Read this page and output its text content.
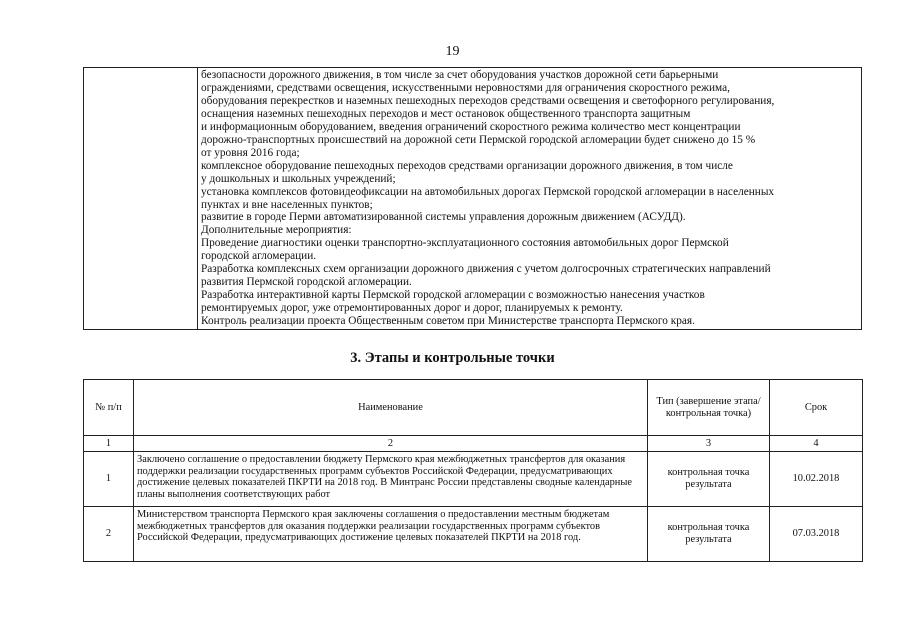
19

безопасности дорожного движения, в том числе за счет оборудования участков дорожной сети барьерными
ограждениями, средствами освещения, искусственными неровностями для ограничения скоростного режима,
оборудования перекрестков и наземных пешеходных переходов средствами освещения и светофорного регулирования,
оснащения наземных пешеходных переходов и мест остановок общественного транспорта защитным
и информационным оборудованием, введения ограничений скоростного режима количество мест концентрации
дорожно-транспортных происшествий на дорожной сети Пермской городской агломерации будет снижено до 15 %
от уровня 2016 года;
комплексное оборудование пешеходных переходов средствами организации дорожного движения, в том числе
у дошкольных и школьных учреждений;
установка комплексов фотовидеофиксации на автомобильных дорогах Пермской городской агломерации в населенных
пунктах и вне населенных пунктов;
развитие в городе Перми автоматизированной системы управления дорожным движением (АСУДД).
Дополнительные мероприятия:
Проведение диагностики оценки транспортно-эксплуатационного состояния автомобильных дорог Пермской
городской агломерации.
Разработка комплексных схем организации дорожного движения с учетом долгосрочных стратегических направлений
развития Пермской городской агломерации.
Разработка интерактивной карты Пермской городской агломерации с возможностью нанесения участков
ремонтируемых дорог, уже отремонтированных дорог и дорог, планируемых к ремонту.
Контроль реализации проекта Общественным советом при Министерстве транспорта Пермского края.
3. Этапы и контрольные точки
№ п/п	Наименование	Тип (завершение этапа/контрольная точка)	Срок
1	2	3	4
1	Заключено соглашение о предоставлении бюджету Пермского края межбюджетных трансфертов для оказания поддержки реализации государственных программ субъектов Российской Федерации, предусматривающих достижение целевых показателей ПКРТИ на 2018 год. В Минтранс России представлены сводные календарные планы выполнения соответствующих работ	контрольная точка результата	10.02.2018
2	Министерством транспорта Пермского края заключены соглашения о предоставлении местным бюджетам межбюджетных трансфертов для оказания поддержки реализации государственных программ субъектов Российской Федерации, предусматривающих достижение целевых показателей ПКРТИ на 2018 год.	контрольная точка результата	07.03.2018
